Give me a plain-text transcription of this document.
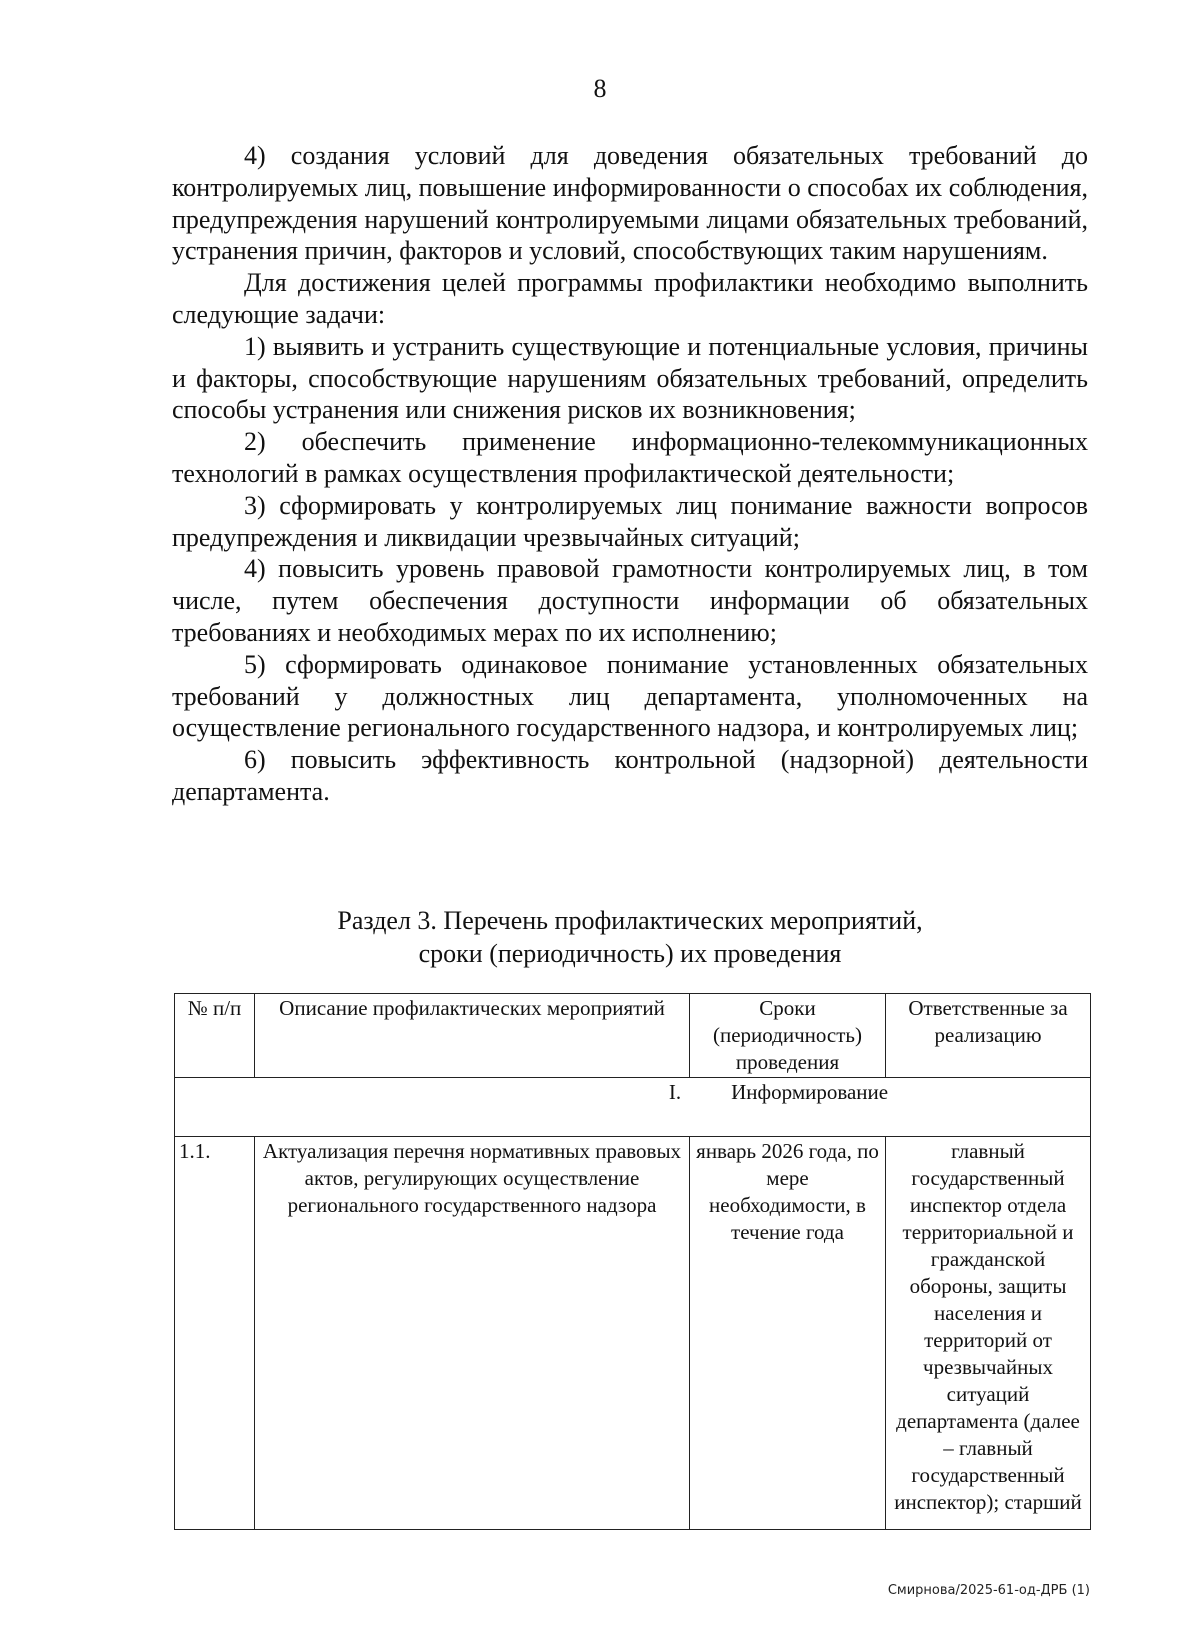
8

4) создания условий для доведения обязательных требований до контролируемых лиц, повышение информированности о способах их соблюдения, предупреждения нарушений контролируемыми лицами обязательных требований, устранения причин, факторов и условий, способствующих таким нарушениям.

Для достижения целей программы профилактики необходимо выполнить следующие задачи:

1) выявить и устранить существующие и потенциальные условия, причины и факторы, способствующие нарушениям обязательных требований, определить способы устранения или снижения рисков их возникновения;

2) обеспечить применение информационно-телекоммуникационных технологий в рамках осуществления профилактической деятельности;

3) сформировать у контролируемых лиц понимание важности вопросов предупреждения и ликвидации чрезвычайных ситуаций;

4) повысить уровень правовой грамотности контролируемых лиц, в том числе, путем обеспечения доступности информации об обязательных требованиях и необходимых мерах по их исполнению;

5) сформировать одинаковое понимание установленных обязательных требований у должностных лиц департамента, уполномоченных на осуществление регионального государственного надзора, и контролируемых лиц;

6) повысить эффективность контрольной (надзорной) деятельности департамента.

Раздел 3. Перечень профилактических мероприятий,
сроки (периодичность) их проведения
№ п/п	Описание профилактических мероприятий	Сроки (периодичность) проведения	Ответственные за реализацию
I. Информирование			
1.1.	Актуализация перечня нормативных правовых актов, регулирующих осуществление регионального государственного надзора	январь 2026 года, по мере необходимости, в течение года	главный государственный инспектор отдела территориальной и гражданской обороны, защиты населения и территорий от чрезвычайных ситуаций департамента (далее – главный государственный инспектор); старший
Смирнова/2025-61-од-ДРБ (1)
